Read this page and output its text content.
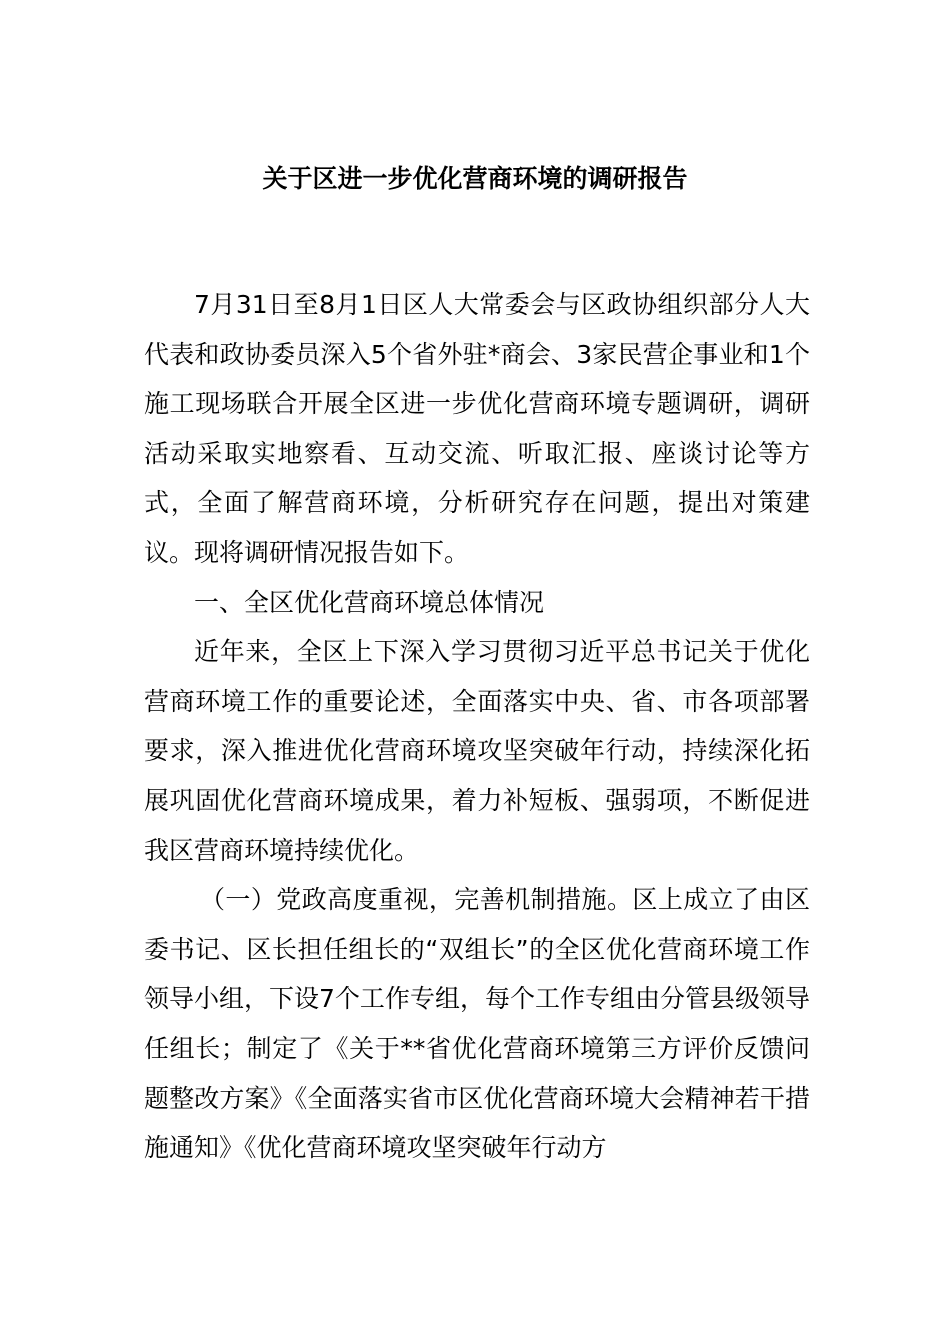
关于区进一步优化营商环境的调研报告

7月31日至8月1日区人大常委会与区政协组织部分人大代表和政协委员深入5个省外驻*商会、3家民营企事业和1个施工现场联合开展全区进一步优化营商环境专题调研，调研活动采取实地察看、互动交流、听取汇报、座谈讨论等方式，全面了解营商环境，分析研究存在问题，提出对策建议。现将调研情况报告如下。

一、全区优化营商环境总体情况

近年来，全区上下深入学习贯彻习近平总书记关于优化营商环境工作的重要论述，全面落实中央、省、市各项部署要求，深入推进优化营商环境攻坚突破年行动，持续深化拓展巩固优化营商环境成果，着力补短板、强弱项，不断促进我区营商环境持续优化。

（一）党政高度重视，完善机制措施。区上成立了由区委书记、区长担任组长的“双组长”的全区优化营商环境工作领导小组，下设7个工作专组，每个工作专组由分管县级领导任组长；制定了《关于**省优化营商环境第三方评价反馈问题整改方案》《全面落实省市区优化营商环境大会精神若干措施通知》《优化营商环境攻坚突破年行动方
